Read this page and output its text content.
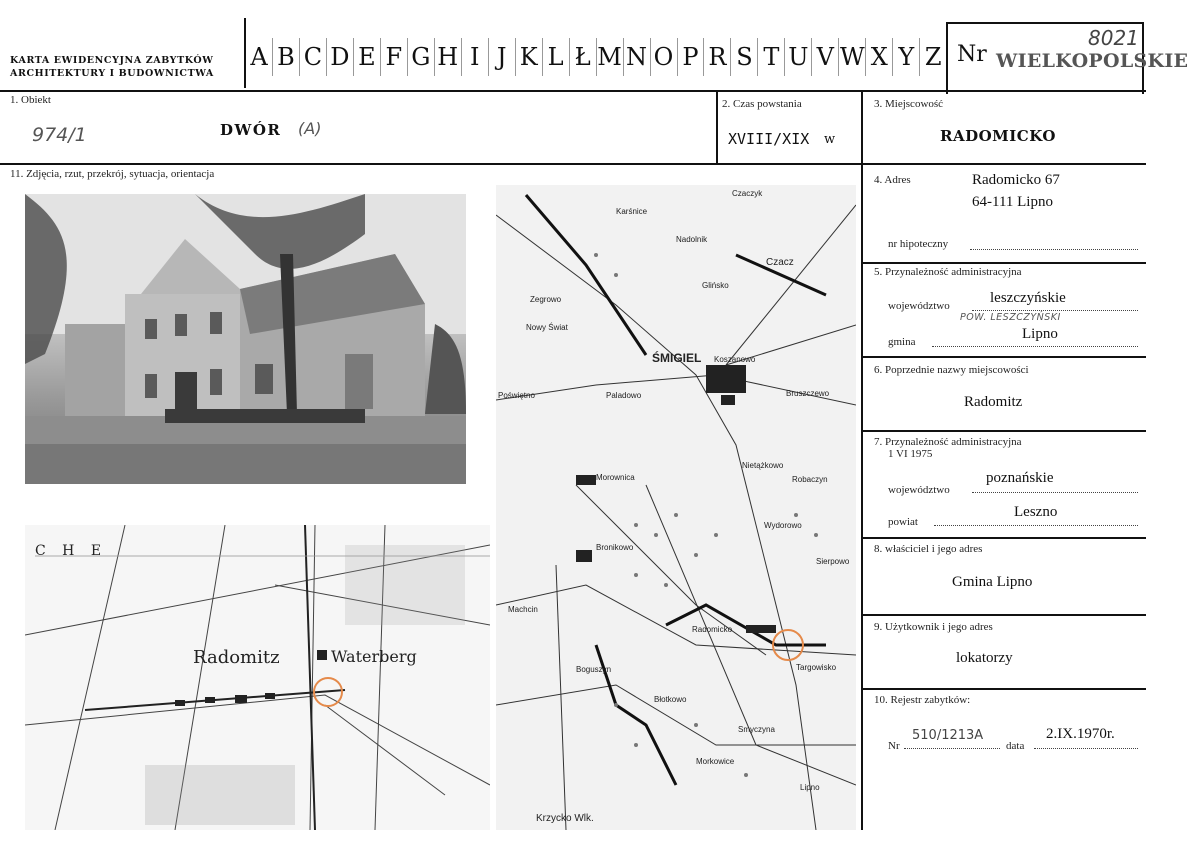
KARTA EWIDENCYJNA ZABYTKÓW
ARCHITEKTURY I BUDOWNICTWA
A B C D E F G H I J K L Ł M N O P R S T U V W X Y Z Nr
8021
WIELKOPOLSKIE
1. Obiekt
974/1	DWÓR (A)
2. Czas powstania
XVIII/XIX w
3. Miejscowość
RADOMICKO
11. Zdjęcia, rzut, przekrój, sytuacja, orientacja
Karśnice
Czaczyk
Nadolnik
Czacz
Glińsko
Zegrowo
Nowy Świat
ŚMIGIEL Koszanowo
Bruszczewo
Paladowo
Poświętno
Nietążkowo
Robaczyn
Morownica
Bronikowo
Wydorowo
Sierpowo
Radomicko
Boguszyn	Targowisko
Machcin
Smyczyna
Błotkowo
Morkowice
Lipno
Krzycko Wlk.
C H E
Radomitz	Waterberg
4. Adres	Radomicko 67
64-111 Lipno
nr hipoteczny
5. Przynależność administracyjna
województwo	leszczyńskie
POW. LESZCZYŃSKI
gmina	Lipno
6. Poprzednie nazwy miejscowości
Radomitz
7. Przynależność administracyjna
1 VI 1975
województwo
poznańskie
powiat
Leszno
8. właściciel i jego adres
Gmina Lipno
9. Użytkownik i jego adres
lokatorzy
10. Rejestr zabytków:
Nr
510/1213A
data
2.IX.1970r.
